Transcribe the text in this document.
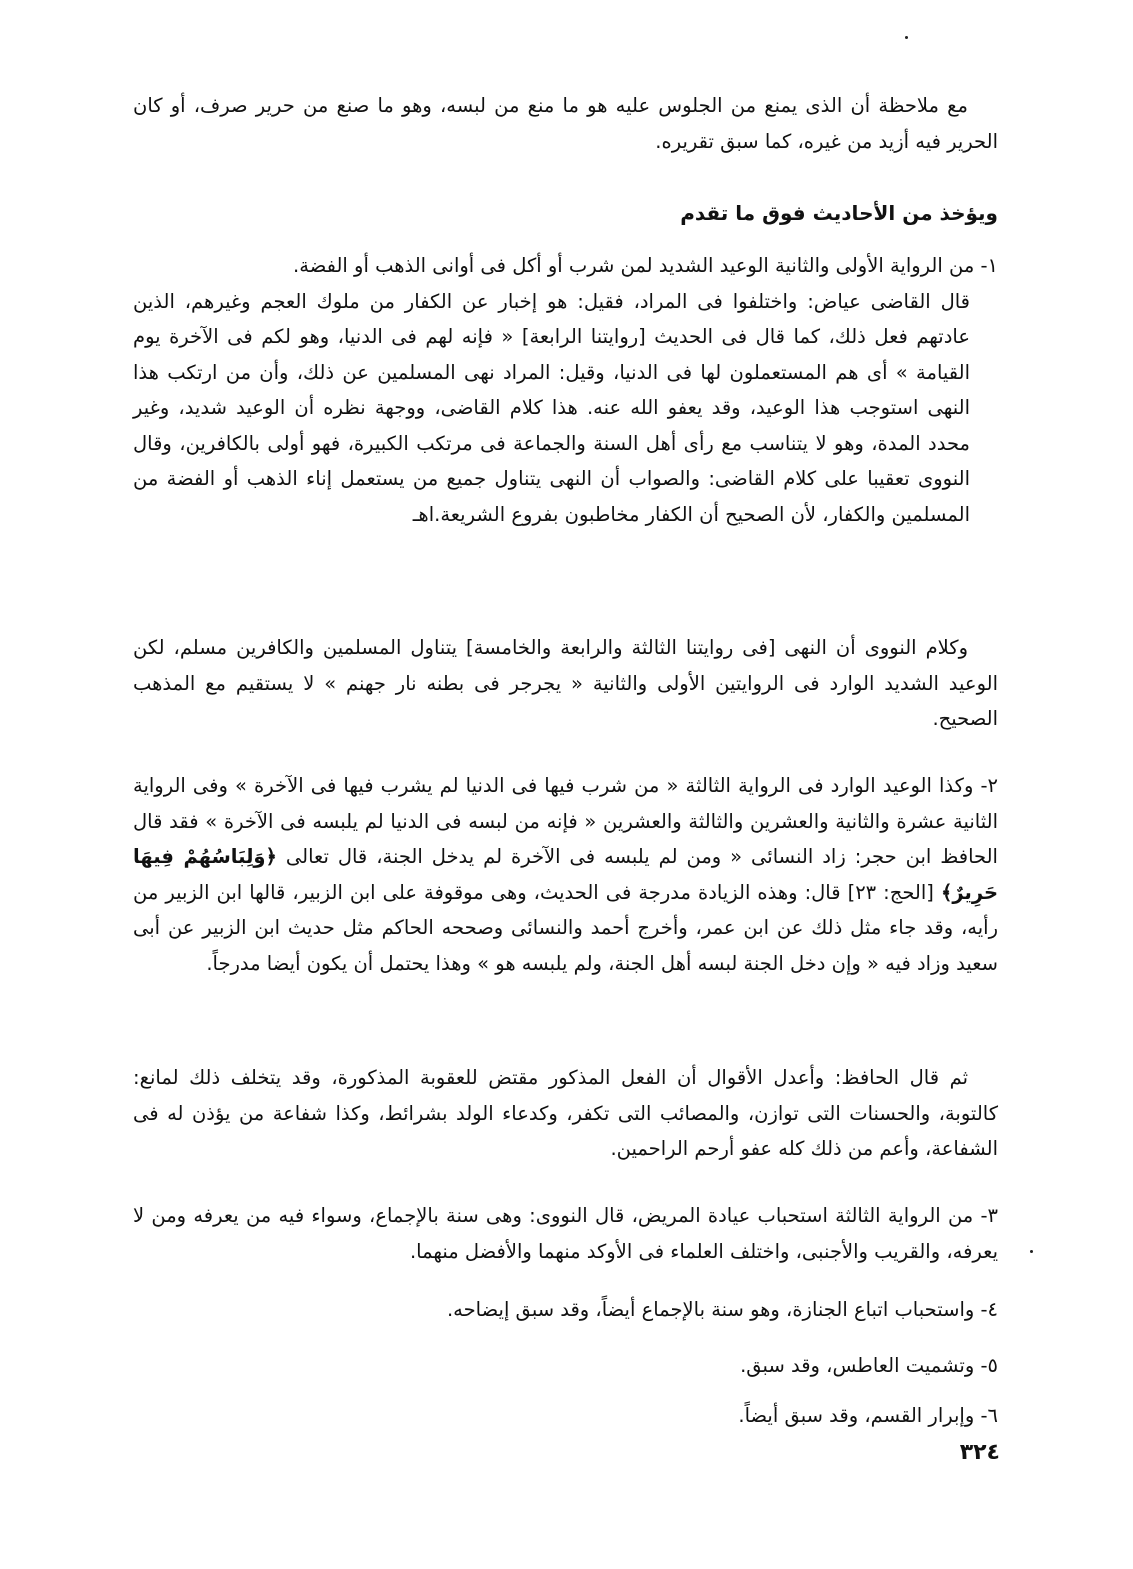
مع ملاحظة أن الذى يمنع من الجلوس عليه هو ما منع من لبسه، وهو ما صنع من حرير صرف، أو كان الحرير فيه أزيد من غيره، كما سبق تقريره.

ويؤخذ من الأحاديث فوق ما تقدم
١- من الرواية الأولى والثانية الوعيد الشديد لمن شرب أو أكل فى أوانى الذهب أو الفضة.
قال القاضى عياض: واختلفوا فى المراد، فقيل: هو إخبار عن الكفار من ملوك العجم وغيرهم، الذين عادتهم فعل ذلك، كما قال فى الحديث [روايتنا الرابعة] « فإنه لهم فى الدنيا، وهو لكم فى الآخرة يوم القيامة » أى هم المستعملون لها فى الدنيا، وقيل: المراد نهى المسلمين عن ذلك، وأن من ارتكب هذا النهى استوجب هذا الوعيد، وقد يعفو الله عنه. هذا كلام القاضى، ووجهة نظره أن الوعيد شديد، وغير محدد المدة، وهو لا يتناسب مع رأى أهل السنة والجماعة فى مرتكب الكبيرة، فهو أولى بالكافرين، وقال النووى تعقيبا على كلام القاضى: والصواب أن النهى يتناول جميع من يستعمل إناء الذهب أو الفضة من المسلمين والكفار، لأن الصحيح أن الكفار مخاطبون بفروع الشريعة.اهـ

وكلام النووى أن النهى [فى روايتنا الثالثة والرابعة والخامسة] يتناول المسلمين والكافرين مسلم، لكن الوعيد الشديد الوارد فى الروايتين الأولى والثانية « يجرجر فى بطنه نار جهنم » لا يستقيم مع المذهب الصحيح.

٢- وكذا الوعيد الوارد فى الرواية الثالثة « من شرب فيها فى الدنيا لم يشرب فيها فى الآخرة » وفى الرواية الثانية عشرة والثانية والعشرين والثالثة والعشرين « فإنه من لبسه فى الدنيا لم يلبسه فى الآخرة » فقد قال الحافظ ابن حجر: زاد النسائى « ومن لم يلبسه فى الآخرة لم يدخل الجنة، قال تعالى ﴿وَلِبَاسُهُمْ فِيهَا حَرِيرٌ﴾ [الحج: ٢٣] قال: وهذه الزيادة مدرجة فى الحديث، وهى موقوفة على ابن الزبير، قالها ابن الزبير من رأيه، وقد جاء مثل ذلك عن ابن عمر، وأخرج أحمد والنسائى وصححه الحاكم مثل حديث ابن الزبير عن أبى سعيد وزاد فيه « وإن دخل الجنة لبسه أهل الجنة، ولم يلبسه هو » وهذا يحتمل أن يكون أيضا مدرجاً.

ثم قال الحافظ: وأعدل الأقوال أن الفعل المذكور مقتض للعقوبة المذكورة، وقد يتخلف ذلك لمانع: كالتوبة، والحسنات التى توازن، والمصائب التى تكفر، وكدعاء الولد بشرائط، وكذا شفاعة من يؤذن له فى الشفاعة، وأعم من ذلك كله عفو أرحم الراحمين.

٣- من الرواية الثالثة استحباب عيادة المريض، قال النووى: وهى سنة بالإجماع، وسواء فيه من يعرفه ومن لا يعرفه، والقريب والأجنبى، واختلف العلماء فى الأوكد منهما والأفضل منهما.
٤- واستحباب اتباع الجنازة، وهو سنة بالإجماع أيضاً، وقد سبق إيضاحه.
٥- وتشميت العاطس، وقد سبق.
٦- وإبرار القسم، وقد سبق أيضاً.
٣٢٤
